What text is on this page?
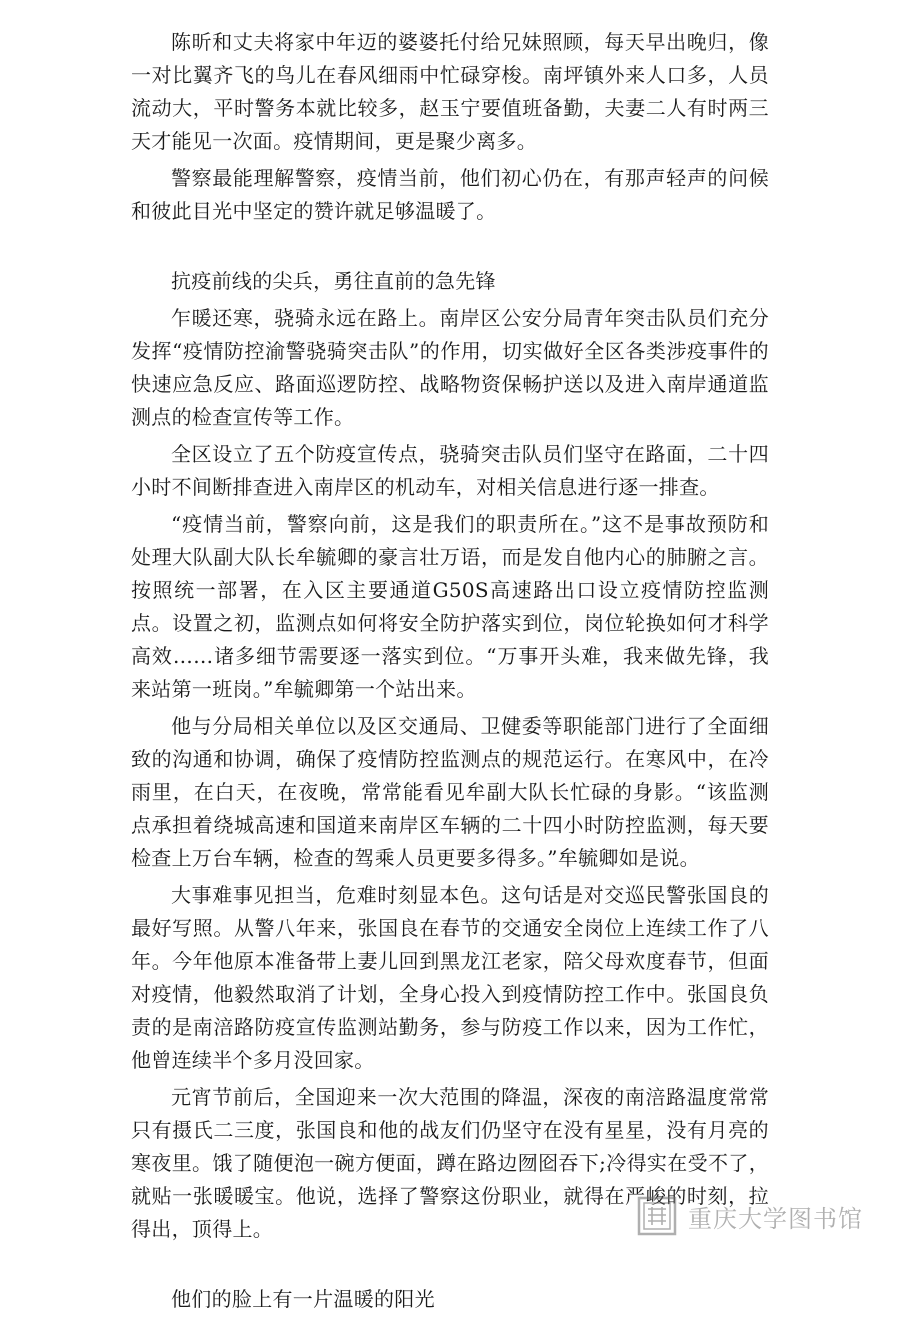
陈昕和丈夫将家中年迈的婆婆托付给兄妹照顾，每天早出晚归，像一对比翼齐飞的鸟儿在春风细雨中忙碌穿梭。南坪镇外来人口多，人员流动大，平时警务本就比较多，赵玉宁要值班备勤，夫妻二人有时两三天才能见一次面。疫情期间，更是聚少离多。

警察最能理解警察，疫情当前，他们初心仍在，有那声轻声的问候和彼此目光中坚定的赞许就足够温暖了。

抗疫前线的尖兵，勇往直前的急先锋

乍暖还寒，骁骑永远在路上。南岸区公安分局青年突击队员们充分发挥“疫情防控渝警骁骑突击队”的作用，切实做好全区各类涉疫事件的快速应急反应、路面巡逻防控、战略物资保畅护送以及进入南岸通道监测点的检查宣传等工作。

全区设立了五个防疫宣传点，骁骑突击队员们坚守在路面，二十四小时不间断排查进入南岸区的机动车，对相关信息进行逐一排查。

“疫情当前，警察向前，这是我们的职责所在。”这不是事故预防和处理大队副大队长牟毓卿的豪言壮万语，而是发自他内心的肺腑之言。按照统一部署，在入区主要通道G50S高速路出口设立疫情防控监测点。设置之初，监测点如何将安全防护落实到位，岗位轮换如何才科学高效……诸多细节需要逐一落实到位。“万事开头难，我来做先锋，我来站第一班岗。”牟毓卿第一个站出来。

他与分局相关单位以及区交通局、卫健委等职能部门进行了全面细致的沟通和协调，确保了疫情防控监测点的规范运行。在寒风中，在冷雨里，在白天，在夜晚，常常能看见牟副大队长忙碌的身影。“该监测点承担着绕城高速和国道来南岸区车辆的二十四小时防控监测，每天要检查上万台车辆，检查的驾乘人员更要多得多。”牟毓卿如是说。

大事难事见担当，危难时刻显本色。这句话是对交巡民警张国良的最好写照。从警八年来，张国良在春节的交通安全岗位上连续工作了八年。今年他原本准备带上妻儿回到黑龙江老家，陪父母欢度春节，但面对疫情，他毅然取消了计划，全身心投入到疫情防控工作中。张国良负责的是南涪路防疫宣传监测站勤务，参与防疫工作以来，因为工作忙，他曾连续半个多月没回家。

元宵节前后，全国迎来一次大范围的降温，深夜的南涪路温度常常只有摄氏二三度，张国良和他的战友们仍坚守在没有星星，没有月亮的寒夜里。饿了随便泡一碗方便面，蹲在路边囫囵吞下;冷得实在受不了，就贴一张暖暖宝。他说，选择了警察这份职业，就得在严峻的时刻，拉得出，顶得上。

他们的脸上有一片温暖的阳光

重庆大学图书馆
